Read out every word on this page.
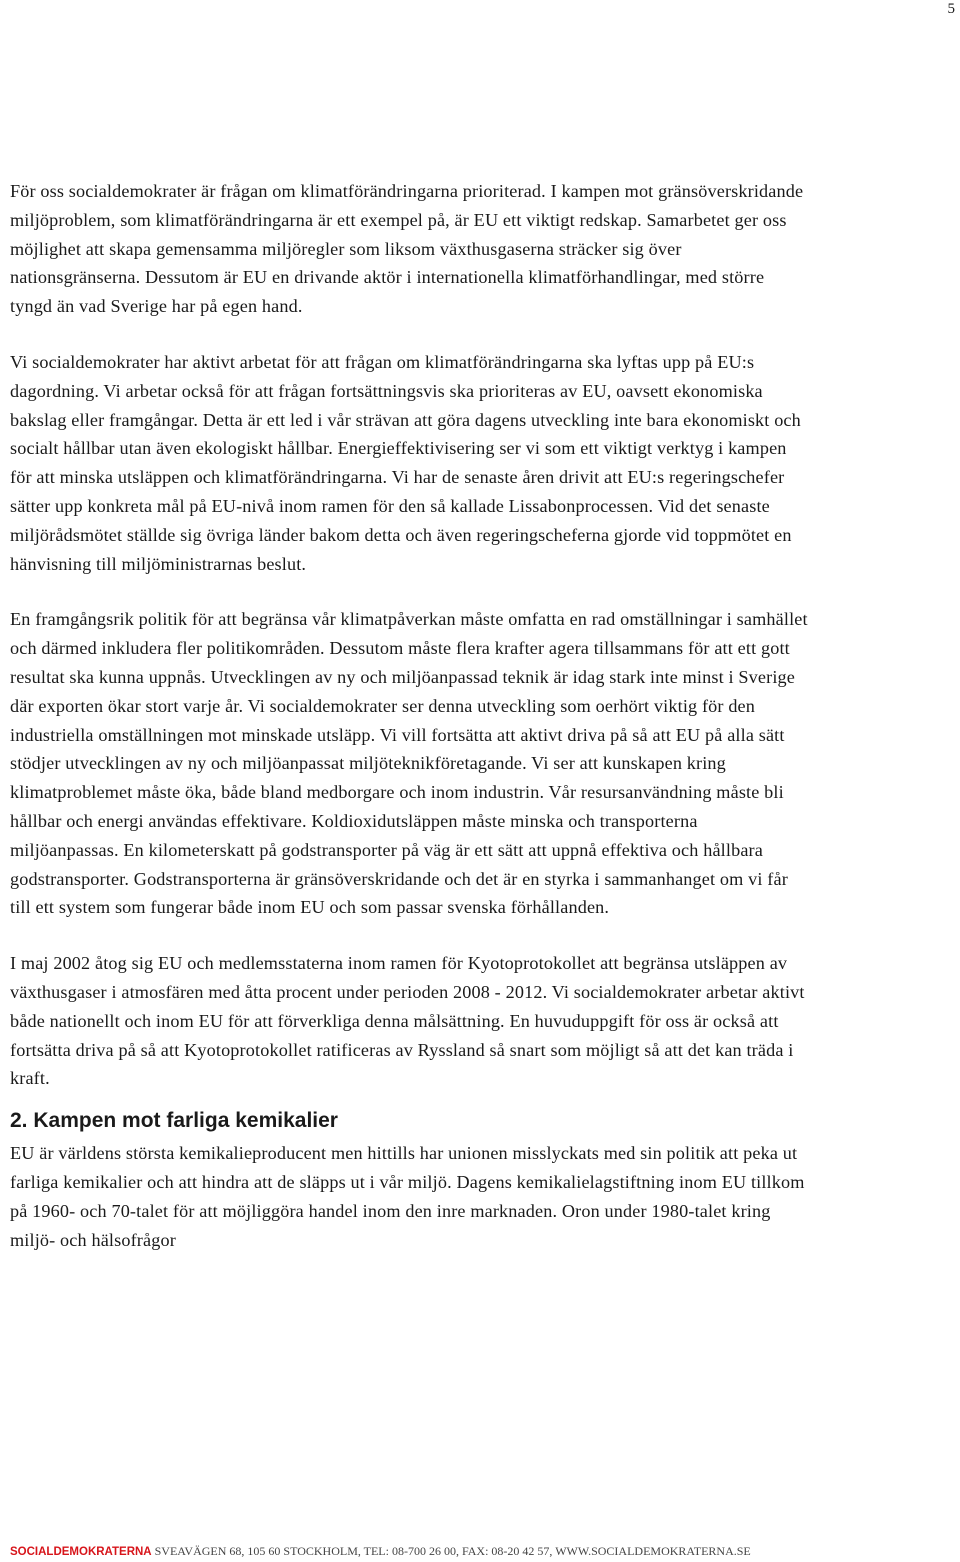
5

För oss socialdemokrater är frågan om klimatförändringarna prioriterad. I kampen mot gränsöverskridande miljöproblem, som klimatförändringarna är ett exempel på, är EU ett viktigt redskap. Samarbetet ger oss möjlighet att skapa gemensamma miljöregler som liksom växthusgaserna sträcker sig över nationsgränserna. Dessutom är EU en drivande aktör i internationella klimatförhandlingar, med större tyngd än vad Sverige har på egen hand.

Vi socialdemokrater har aktivt arbetat för att frågan om klimatförändringarna ska lyftas upp på EU:s dagordning. Vi arbetar också för att frågan fortsättningsvis ska prioriteras av EU, oavsett ekonomiska bakslag eller framgångar. Detta är ett led i vår strävan att göra dagens utveckling inte bara ekonomiskt och socialt hållbar utan även ekologiskt hållbar. Energieffektivisering ser vi som ett viktigt verktyg i kampen för att minska utsläppen och klimatförändringarna. Vi har de senaste åren drivit att EU:s regeringschefer sätter upp konkreta mål på EU-nivå inom ramen för den så kallade Lissabonprocessen. Vid det senaste miljörådsmötet ställde sig övriga länder bakom detta och även regeringscheferna gjorde vid toppmötet en hänvisning till miljöministrarnas beslut.

En framgångsrik politik för att begränsa vår klimatpåverkan måste omfatta en rad omställningar i samhället och därmed inkludera fler politikområden. Dessutom måste flera krafter agera tillsammans för att ett gott resultat ska kunna uppnås. Utvecklingen av ny och miljöanpassad teknik är idag stark inte minst i Sverige där exporten ökar stort varje år. Vi socialdemokrater ser denna utveckling som oerhört viktig för den industriella omställningen mot minskade utsläpp. Vi vill fortsätta att aktivt driva på så att EU på alla sätt stödjer utvecklingen av ny och miljöanpassat miljöteknikföretagande. Vi ser att kunskapen kring klimatproblemet måste öka, både bland medborgare och inom industrin. Vår resursanvändning måste bli hållbar och energi användas effektivare. Koldioxidutsläppen måste minska och transporterna miljöanpassas. En kilometerskatt på godstransporter på väg är ett sätt att uppnå effektiva och hållbara godstransporter. Godstransporterna är gränsöverskridande och det är en styrka i sammanhanget om vi får till ett system som fungerar både inom EU och som passar svenska förhållanden.

I maj 2002 åtog sig EU och medlemsstaterna inom ramen för Kyotoprotokollet att begränsa utsläppen av växthusgaser i atmosfären med åtta procent under perioden 2008 - 2012. Vi socialdemokrater arbetar aktivt både nationellt och inom EU för att förverkliga denna målsättning. En huvuduppgift för oss är också att fortsätta driva på så att Kyotoprotokollet ratificeras av Ryssland så snart som möjligt så att det kan träda i kraft.

2. Kampen mot farliga kemikalier

EU är världens största kemikalieproducent men hittills har unionen misslyckats med sin politik att peka ut farliga kemikalier och att hindra att de släpps ut i vår miljö. Dagens kemikalielagstiftning inom EU tillkom på 1960- och 70-talet för att möjliggöra handel inom den inre marknaden. Oron under 1980-talet kring miljö- och hälsofrågor

SOCIALDEMOKRATERNA SVEAVÄGEN 68, 105 60 STOCKHOLM, TEL: 08-700 26 00, FAX: 08-20 42 57, WWW.SOCIALDEMOKRATERNA.SE
